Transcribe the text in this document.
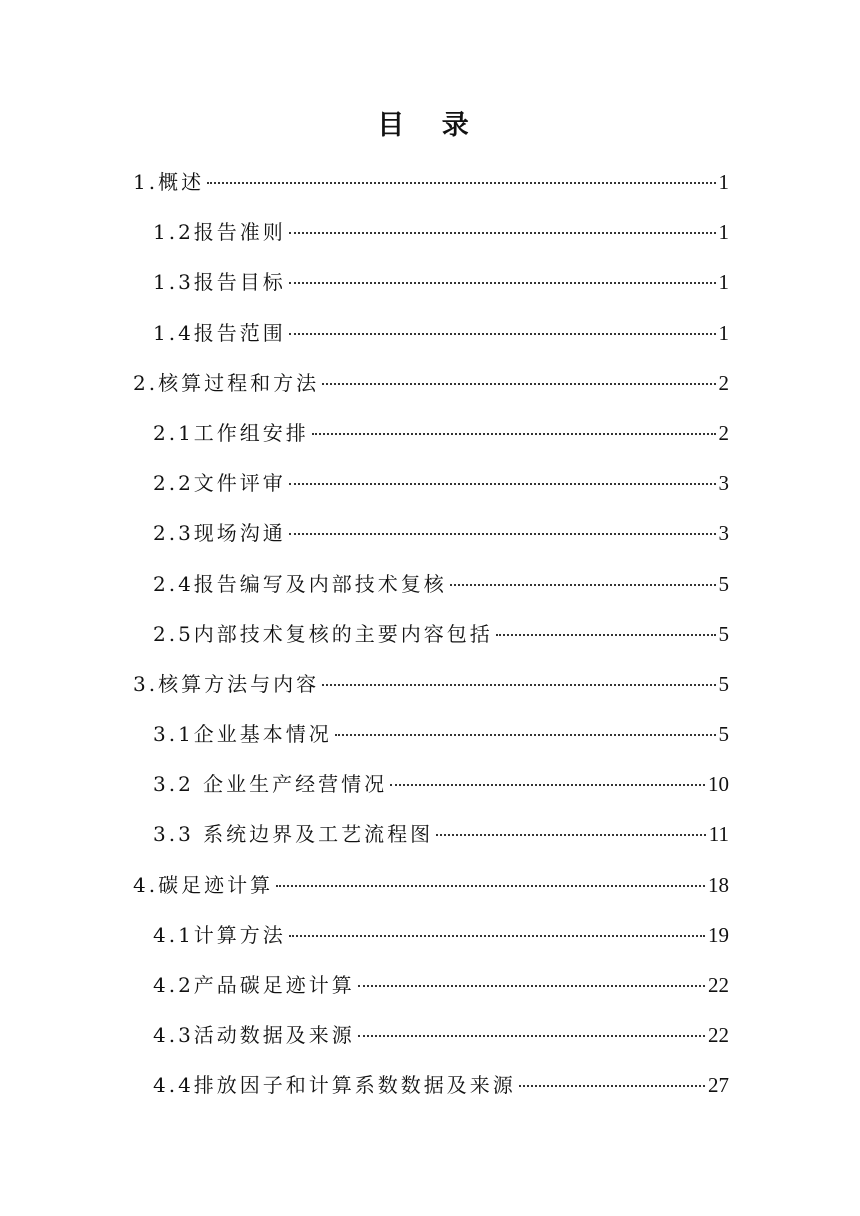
目 录
1.概述	1
1.2报告准则	1
1.3报告目标	1
1.4报告范围	1
2.核算过程和方法	2
2.1工作组安排	2
2.2文件评审	3
2.3现场沟通	3
2.4报告编写及内部技术复核	5
2.5内部技术复核的主要内容包括	5
3.核算方法与内容	5
3.1企业基本情况	5
3.2 企业生产经营情况	10
3.3 系统边界及工艺流程图	11
4.碳足迹计算	18
4.1计算方法	19
4.2产品碳足迹计算	22
4.3活动数据及来源	22
4.4排放因子和计算系数数据及来源	27
